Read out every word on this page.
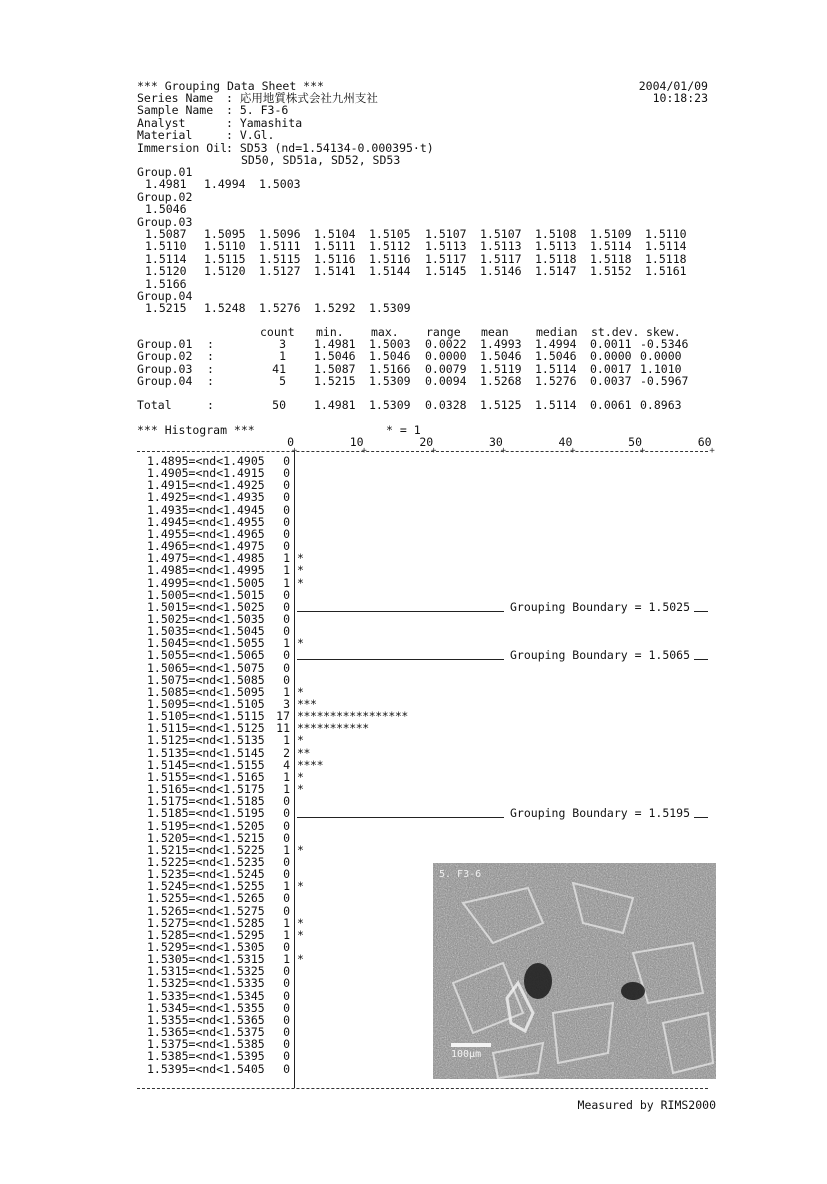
*** Grouping Data Sheet ***	2004/01/09
10:18:23
Series Name : 応用地質株式会社九州支社
Sample Name : 5. F3-6
Analyst	: Yamashita
Material	: V.Gl.
Immersion Oil
: SD53 (nd=1.54134-0.000395·t)
SD50, SD51a, SD52, SD53
Group.01
1.4981 1.4994 1.5003
Group.02
1.5046
Group.03
1.5087 1.5095 1.5096 1.5104 1.5105 1.5107 1.5107 1.5108 1.5109 1.5110
1.5110 1.5110 1.5111 1.5111 1.5112 1.5113 1.5113 1.5113 1.5114 1.5114
1.5114 1.5115 1.5115 1.5116 1.5116 1.5117 1.5117 1.5118 1.5118 1.5118
1.5120 1.5120 1.5127 1.5141 1.5144 1.5145 1.5146 1.5147 1.5152 1.5161
1.5166
Group.04
1.5215 1.5248 1.5276 1.5292 1.5309
count min. max. range mean median st.dev. skew.
Group.01 :	3 1.4981 1.5003 0.0022 1.4993 1.4994 0.0011 -0.5346
Group.02 :	1 1.5046 1.5046 0.0000 1.5046 1.5046 0.0000 0.0000
Group.03 :	41 1.5087 1.5166 0.0079 1.5119 1.5114 0.0017 1.1010
Group.04 :	5 1.5215 1.5309 0.0094 1.5268 1.5276 0.0037 -0.5967
Total	:	50 1.4981 1.5309 0.0328 1.5125 1.5114 0.0061 0.8963
*** Histogram ***	* = 1
0
+
10
+
20
+
30
+
40
+
50
+
60
+
1.4895=<nd<1.4905	0
1.4905=<nd<1.4915	0
1.4915=<nd<1.4925	0
1.4925=<nd<1.4935	0
1.4935=<nd<1.4945	0
1.4945=<nd<1.4955	0
1.4955=<nd<1.4965	0
1.4965=<nd<1.4975	0
1.4975=<nd<1.4985	1 *
1.4985=<nd<1.4995	1 *
1.4995=<nd<1.5005	1 *
1.5005=<nd<1.5015	0
1.5015=<nd<1.5025	0	Grouping Boundary = 1.5025
1.5025=<nd<1.5035	0
1.5035=<nd<1.5045	0
1.5045=<nd<1.5055	1 *
1.5055=<nd<1.5065	0	Grouping Boundary = 1.5065
1.5065=<nd<1.5075	0
1.5075=<nd<1.5085	0
1.5085=<nd<1.5095	1 *
1.5095=<nd<1.5105	3 ***
1.5105=<nd<1.5115 17 *****************
1.5115=<nd<1.5125 11 ***********
1.5125=<nd<1.5135	1 *
1.5135=<nd<1.5145	2 **
1.5145=<nd<1.5155	4 ****
1.5155=<nd<1.5165	1 *
1.5165=<nd<1.5175	1 *
1.5175=<nd<1.5185	0
1.5185=<nd<1.5195	0	Grouping Boundary = 1.5195
1.5195=<nd<1.5205	0
1.5205=<nd<1.5215	0
1.5215=<nd<1.5225	1 *
1.5225=<nd<1.5235	0
1.5235=<nd<1.5245	0
1.5245=<nd<1.5255	1 *
1.5255=<nd<1.5265	0
1.5265=<nd<1.5275	0
1.5275=<nd<1.5285	1 *
1.5285=<nd<1.5295	1 *
1.5295=<nd<1.5305	0
1.5305=<nd<1.5315	1 *
1.5315=<nd<1.5325	0
1.5325=<nd<1.5335	0
1.5335=<nd<1.5345	0
1.5345=<nd<1.5355	0
1.5355=<nd<1.5365	0
1.5365=<nd<1.5375	0
1.5375=<nd<1.5385	0
1.5385=<nd<1.5395	0
1.5395=<nd<1.5405	0
5. F3-6
100μm
Measured by RIMS2000
